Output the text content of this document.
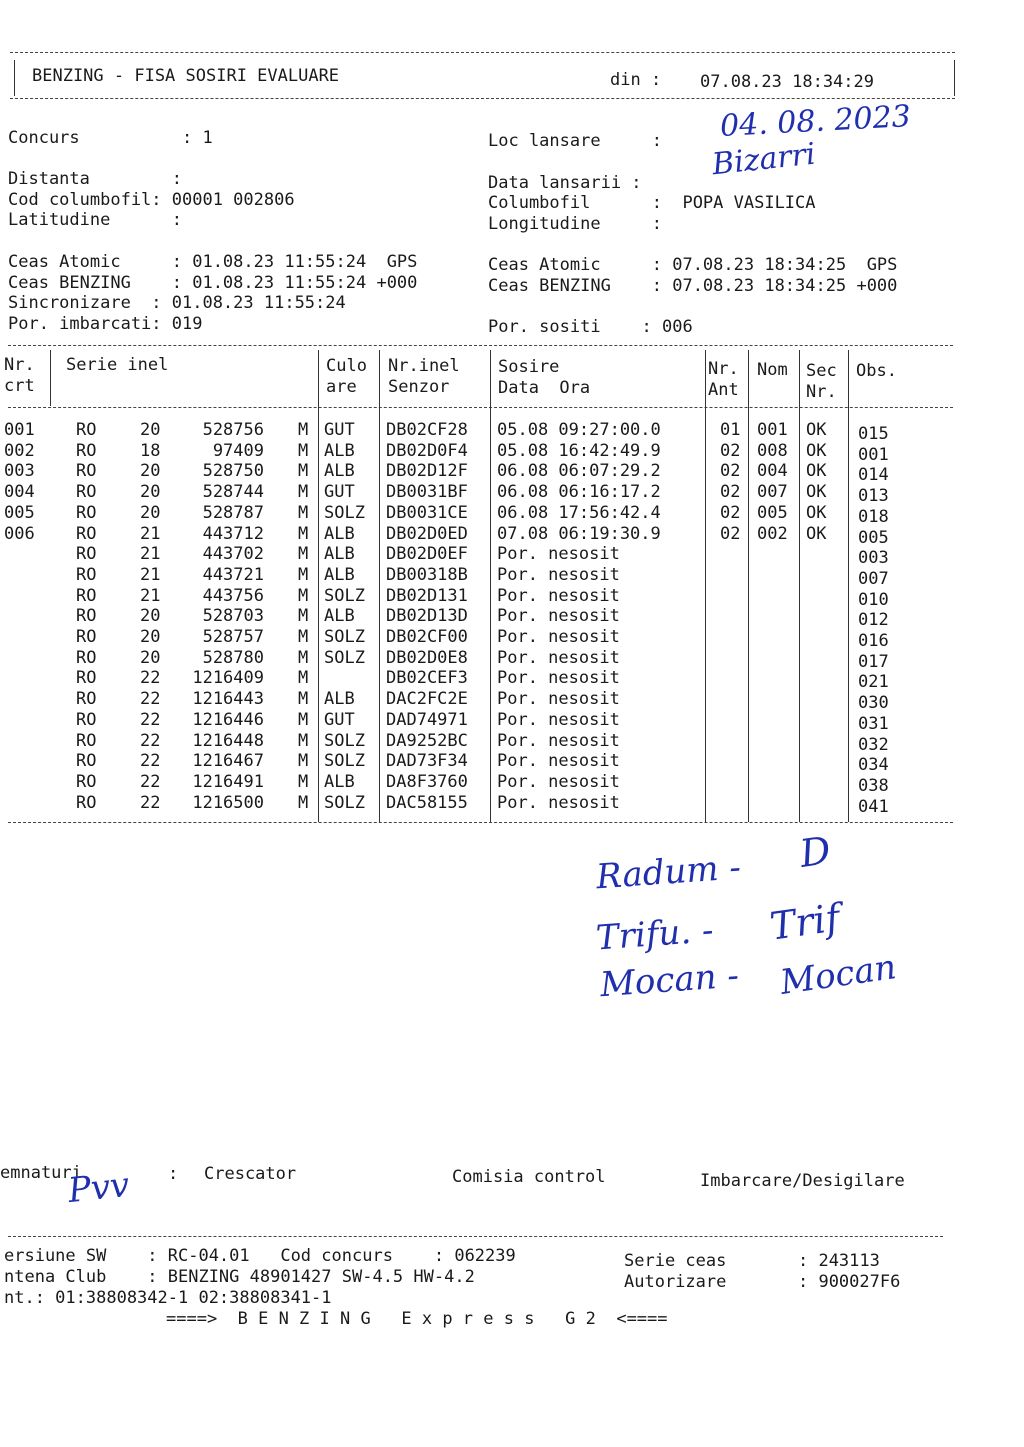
BENZING - FISA SOSIRI EVALUARE	din : 07.08.23 18:34:29
Concurs          : 1	Loc lansare     :
Distanta        :	Data lansarii :
Cod columbofil: 00001 002806	Columbofil      :  POPA VASILICA
Latitudine      :	Longitudine     :
Ceas Atomic     : 01.08.23 11:55:24  GPS	Ceas Atomic     : 07.08.23 18:34:25  GPS
Ceas BENZING    : 01.08.23 11:55:24 +000	Ceas BENZING    : 07.08.23 18:34:25 +000
Sincronizare  : 01.08.23 11:55:24
Por. imbarcati: 019	Por. sositi    : 006
04. 08. 2023
Bizarri
Nr.
crt
Serie inel	Culo
are
Nr.inel
Senzor
Sosire
Data  Ora
Nr.
Ant
Nom Sec
Nr.
Obs.
001 RO	20	528756 M GUT DB02CF28 05.08 09:27:00.0	01 001 OK 015
002 RO	18	97409 M ALB DB02D0F4 05.08 16:42:49.9	02 008 OK 001
003 RO	20	528750 M ALB DB02D12F 06.08 06:07:29.2	02 004 OK 014
004 RO	20	528744 M GUT DB0031BF 06.08 06:16:17.2	02 007 OK 013
005 RO	20	528787 M SOLZ DB0031CE 06.08 17:56:42.4	02 005 OK 018
006 RO	21	443712 M ALB DB02D0ED 07.08 06:19:30.9	02 002 OK 005
RO	21	443702 M ALB DB02D0EF Por. nesosit	003
RO	21	443721 M ALB DB00318B Por. nesosit	007
RO	21	443756 M SOLZ DB02D131 Por. nesosit	010
RO	20	528703 M ALB DB02D13D Por. nesosit	012
RO	20	528757 M SOLZ DB02CF00 Por. nesosit	016
RO	20	528780 M SOLZ DB02D0E8 Por. nesosit	017
RO	22	1216409 M	DB02CEF3 Por. nesosit	021
RO	22	1216443 M ALB DAC2FC2E Por. nesosit	030
RO	22	1216446 M GUT DAD74971 Por. nesosit	031
RO	22	1216448 M SOLZ DA9252BC Por. nesosit	032
RO	22	1216467 M SOLZ DAD73F34 Por. nesosit	034
RO	22	1216491 M ALB DA8F3760 Por. nesosit	038
RO	22	1216500 M SOLZ DAC58155 Por. nesosit	041
Radum - D
Trifu. - Trif
Mocan - Mocan
emnaturi	: Crescator	Comisia control	Imbarcare/Desigilare
Pvv
ersiune SW    : RC-04.01   Cod concurs    : 062239	Serie ceas       : 243113
ntena Club    : BENZING 48901427 SW-4.5 HW-4.2	Autorizare       : 900027F6
nt.: 01:38808342-1 02:38808341-1
====>  B E N Z I N G   E x p r e s s   G 2  <====
